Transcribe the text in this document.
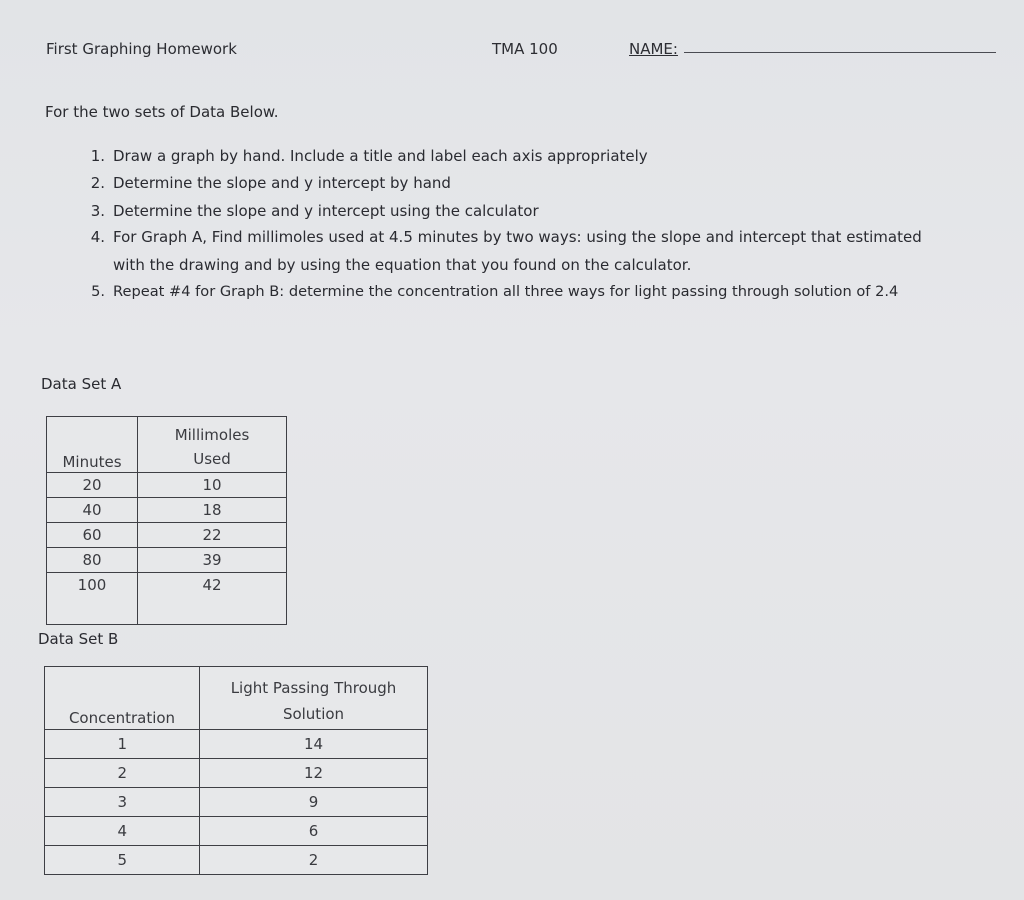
First Graphing Homework	TMA 100	NAME:
For the two sets of Data Below.
1. Draw a graph by hand. Include a title and label each axis appropriately
2. Determine the slope and y intercept by hand
3. Determine the slope and y intercept using the calculator
4. For Graph A, Find millimoles used at 4.5 minutes by two ways: using the slope and intercept that estimated
with the drawing and by using the equation that you found on the calculator.
5. Repeat #4 for Graph B: determine the concentration all three ways for light passing through solution of 2.4
Data Set A
Minutes	Millimoles
Used
20	10
40	18
60	22
80	39
100	42
Data Set B
Concentration	Light Passing Through
Solution
1	14
2	12
3	9
4	6
5	2
